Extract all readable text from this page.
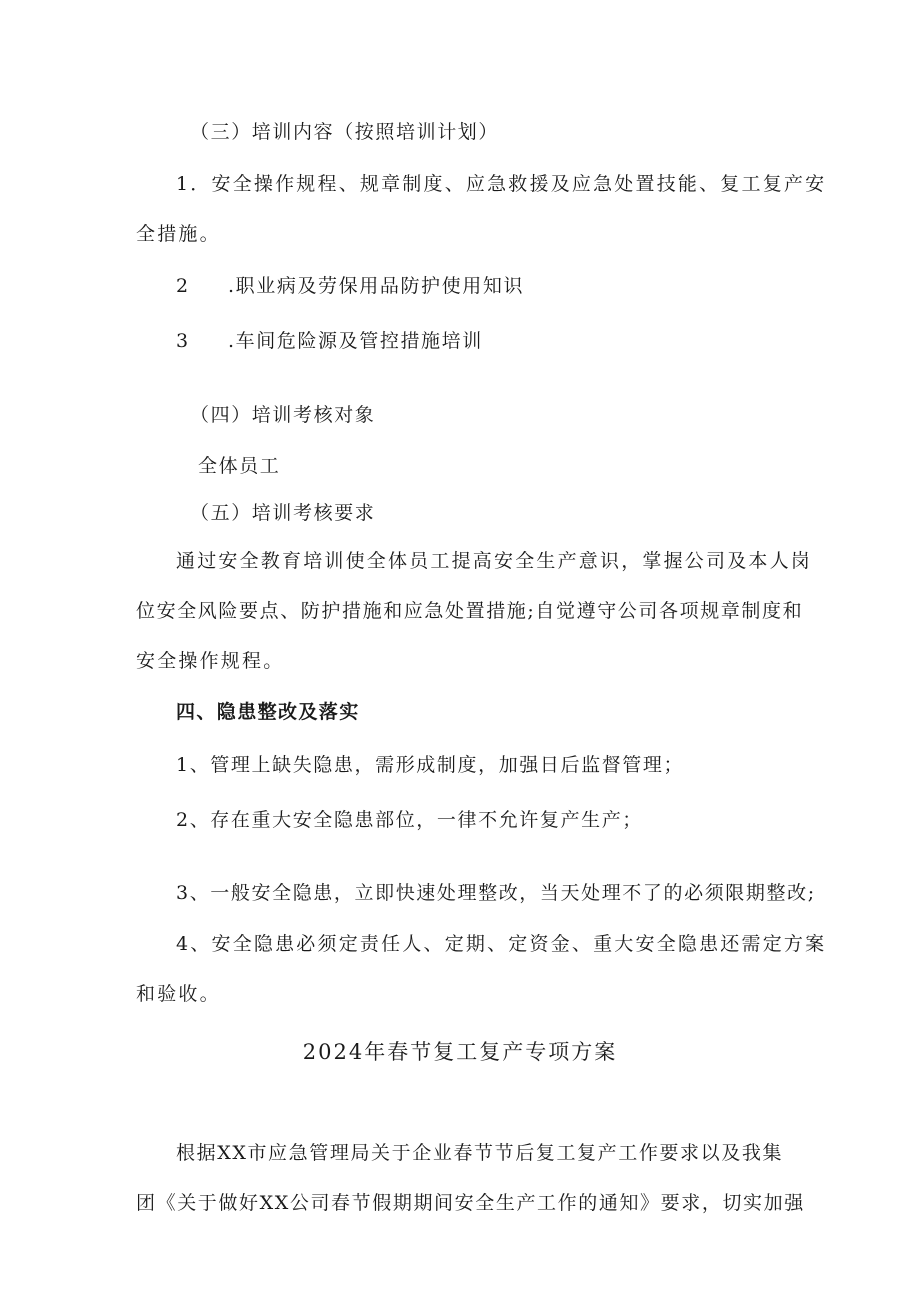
（三）培训内容（按照培训计划）
1．安全操作规程、规章制度、应急救援及应急处置技能、复工复产安
全措施。
2 .职业病及劳保用品防护使用知识
3 .车间危险源及管控措施培训
（四）培训考核对象
全体员工
（五）培训考核要求
通过安全教育培训使全体员工提高安全生产意识，掌握公司及本人岗
位安全风险要点、防护措施和应急处置措施;自觉遵守公司各项规章制度和
安全操作规程。
四、隐患整改及落实
1、管理上缺失隐患，需形成制度，加强日后监督管理；
2、存在重大安全隐患部位，一律不允许复产生产；
3、一般安全隐患，立即快速处理整改，当天处理不了的必须限期整改;
4、安全隐患必须定责任人、定期、定资金、重大安全隐患还需定方案
和验收。
2024年春节复工复产专项方案
根据XX市应急管理局关于企业春节节后复工复产工作要求以及我集
团《关于做好XX公司春节假期期间安全生产工作的通知》要求，切实加强
